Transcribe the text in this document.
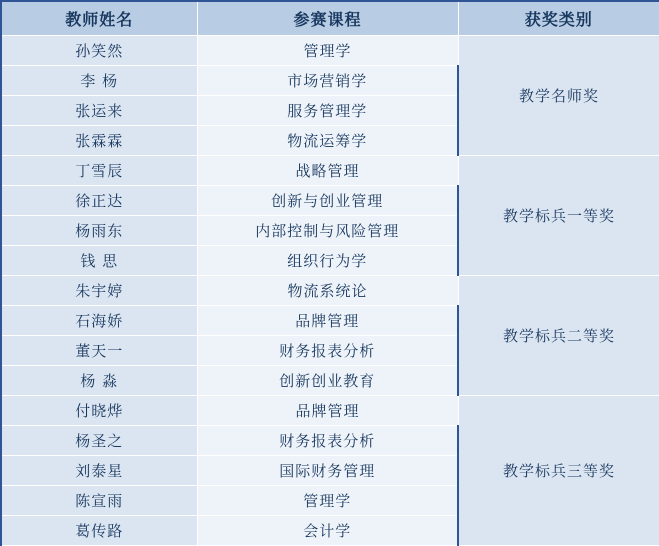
教师姓名	参赛课程	获奖类别
孙笑然	管理学	教学名师奖
李 杨	市场营销学	
张运来	服务管理学	
张霖霖	物流运筹学	
丁雪辰	战略管理	教学标兵一等奖
徐正达	创新与创业管理	
杨雨东	内部控制与风险管理	
钱 思	组织行为学	
朱宇婷	物流系统论	教学标兵二等奖
石海娇	品牌管理	
董天一	财务报表分析	
杨 淼	创新创业教育	
付晓烨	品牌管理	教学标兵三等奖
杨圣之	财务报表分析	
刘泰星	国际财务管理	
陈宣雨	管理学	
葛传路	会计学	
